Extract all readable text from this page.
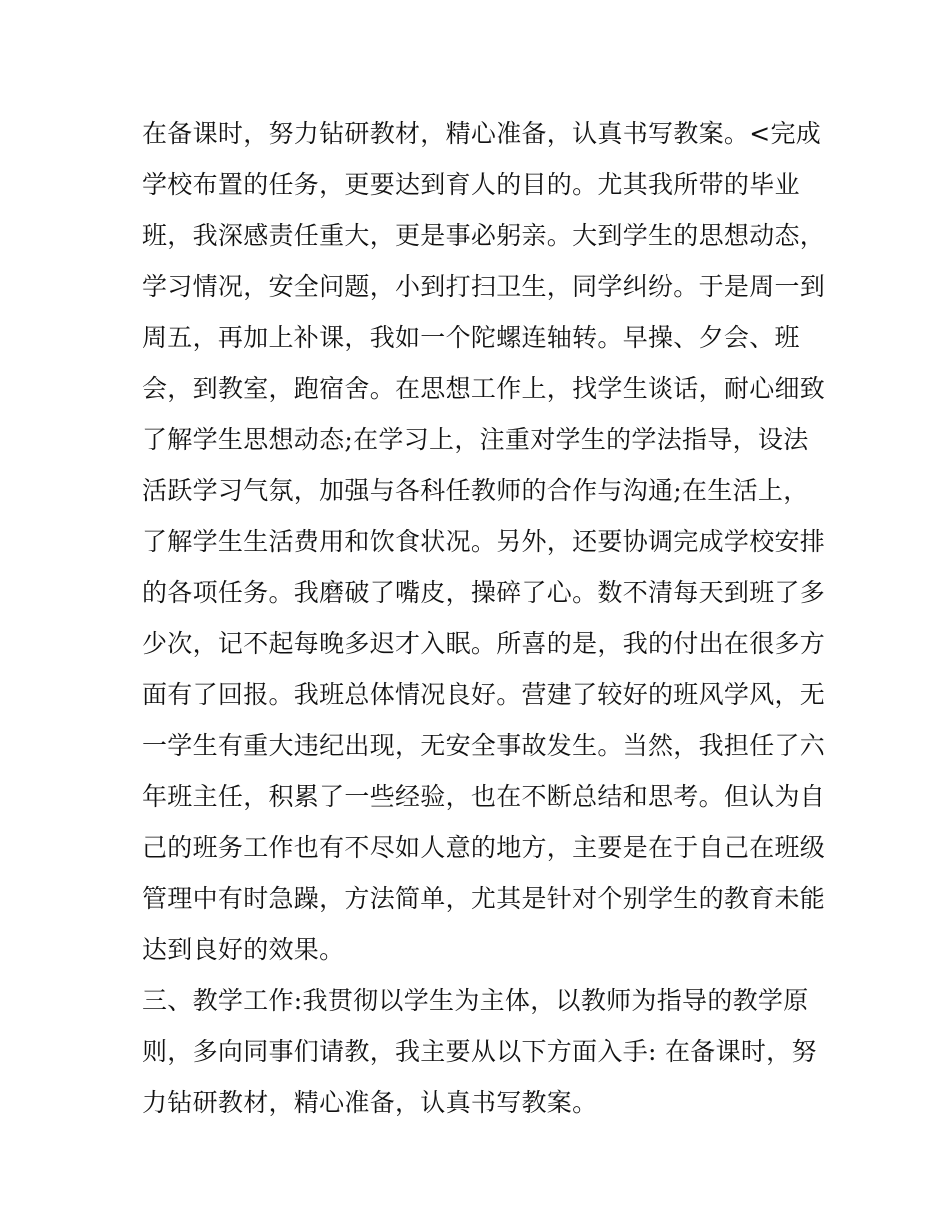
在备课时，努力钻研教材，精心准备，认真书写教案。<完成
学校布置的任务，更要达到育人的目的。尤其我所带的毕业
班，我深感责任重大，更是事必躬亲。大到学生的思想动态，
学习情况，安全问题，小到打扫卫生，同学纠纷。于是周一到
周五，再加上补课，我如一个陀螺连轴转。早操、夕会、班
会，到教室，跑宿舍。在思想工作上，找学生谈话，耐心细致
了解学生思想动态;在学习上，注重对学生的学法指导，设法
活跃学习气氛，加强与各科任教师的合作与沟通;在生活上，
了解学生生活费用和饮食状况。另外，还要协调完成学校安排
的各项任务。我磨破了嘴皮，操碎了心。数不清每天到班了多
少次，记不起每晚多迟才入眠。所喜的是，我的付出在很多方
面有了回报。我班总体情况良好。营建了较好的班风学风，无
一学生有重大违纪出现，无安全事故发生。当然，我担任了六
年班主任，积累了一些经验，也在不断总结和思考。但认为自
己的班务工作也有不尽如人意的地方，主要是在于自己在班级
管理中有时急躁，方法简单，尤其是针对个别学生的教育未能
达到良好的效果。
三、教学工作:我贯彻以学生为主体，以教师为指导的教学原
则，多向同事们请教，我主要从以下方面入手: 在备课时，努
力钻研教材，精心准备，认真书写教案。
